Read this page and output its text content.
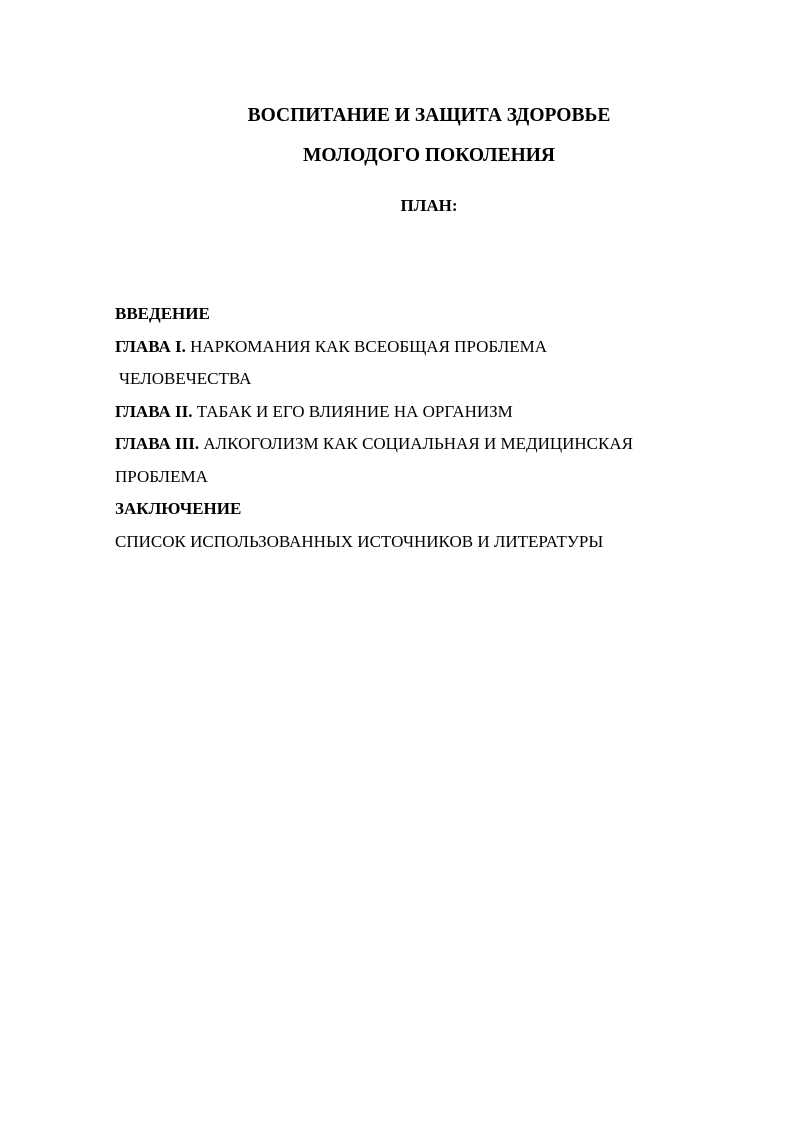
ВОСПИТАНИЕ И ЗАЩИТА ЗДОРОВЬЕ

МОЛОДОГО ПОКОЛЕНИЯ

ПЛАН:

ВВЕДЕНИЕ

ГЛАВА I. НАРКОМАНИЯ КАК ВСЕОБЩАЯ ПРОБЛЕМА

ЧЕЛОВЕЧЕСТВА

ГЛАВА II. ТАБАК И ЕГО ВЛИЯНИЕ НА ОРГАНИЗМ

ГЛАВА III. АЛКОГОЛИЗМ КАК СОЦИАЛЬНАЯ И МЕДИЦИНСКАЯ

ПРОБЛЕМА

ЗАКЛЮЧЕНИЕ

СПИСОК ИСПОЛЬЗОВАННЫХ ИСТОЧНИКОВ И ЛИТЕРАТУРЫ
